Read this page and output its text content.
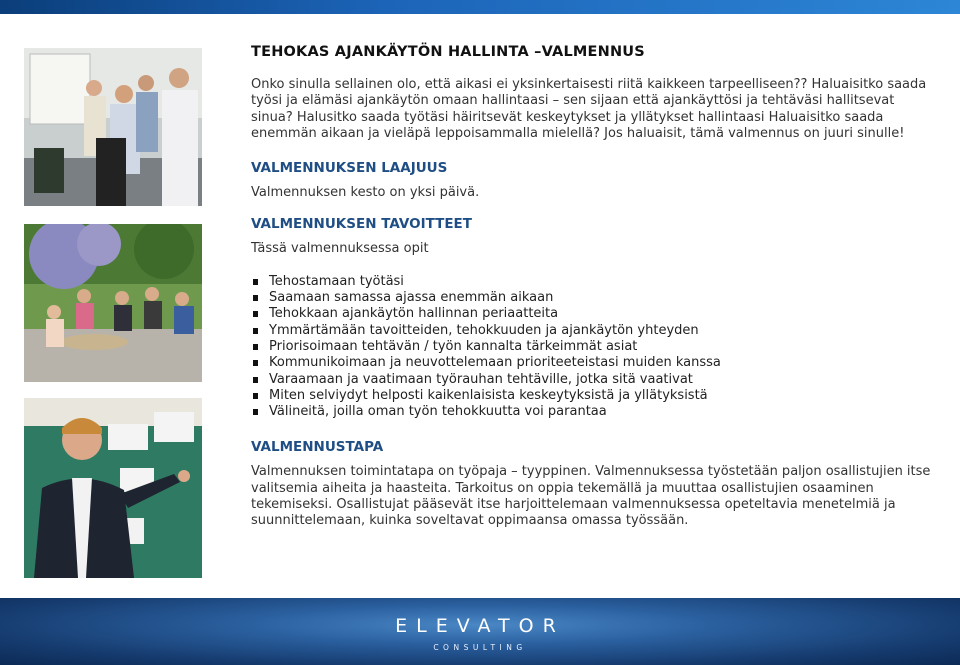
TEHOKAS AJANKÄYTÖN HALLINTA –VALMENNUS

Onko sinulla sellainen olo, että aikasi ei yksinkertaisesti riitä kaikkeen tarpeelliseen?? Haluaisitko saada työsi ja elämäsi ajankäytön omaan hallintaasi – sen sijaan että ajankäyttösi ja tehtäväsi hallitsevat sinua? Halusitko saada työtäsi häiritsevät keskeytykset ja yllätykset hallintaasi Haluaisitko saada enemmän aikaan ja vieläpä leppoisammalla mielellä? Jos haluaisit, tämä valmennus on juuri sinulle!

VALMENNUKSEN LAAJUUS

Valmennuksen kesto on yksi päivä.

VALMENNUKSEN TAVOITTEET

Tässä valmennuksessa opit

Tehostamaan työtäsi
Saamaan samassa ajassa enemmän aikaan
Tehokkaan ajankäytön hallinnan periaatteita
Ymmärtämään tavoitteiden, tehokkuuden ja ajankäytön yhteyden
Priorisoimaan tehtävän / työn kannalta tärkeimmät asiat
Kommunikoimaan ja neuvottelemaan prioriteeteistasi muiden kanssa
Varaamaan ja vaatimaan työrauhan tehtäville, jotka sitä vaativat
Miten selviydyt helposti kaikenlaisista keskeytyksistä ja yllätyksistä
Välineitä, joilla oman työn tehokkuutta voi parantaa
VALMENNUSTAPA

Valmennuksen toimintatapa on työpaja – tyyppinen. Valmennuksessa työstetään paljon osallistujien itse valitsemia aiheita ja haasteita. Tarkoitus on oppia tekemällä ja muuttaa osallistujien osaaminen tekemiseksi. Osallistujat pääsevät itse harjoittelemaan valmennuksessa opeteltavia menetelmiä ja suunnittelemaan, kuinka soveltavat oppimaansa omassa työssään.

ELEVATOR
CONSULTING
